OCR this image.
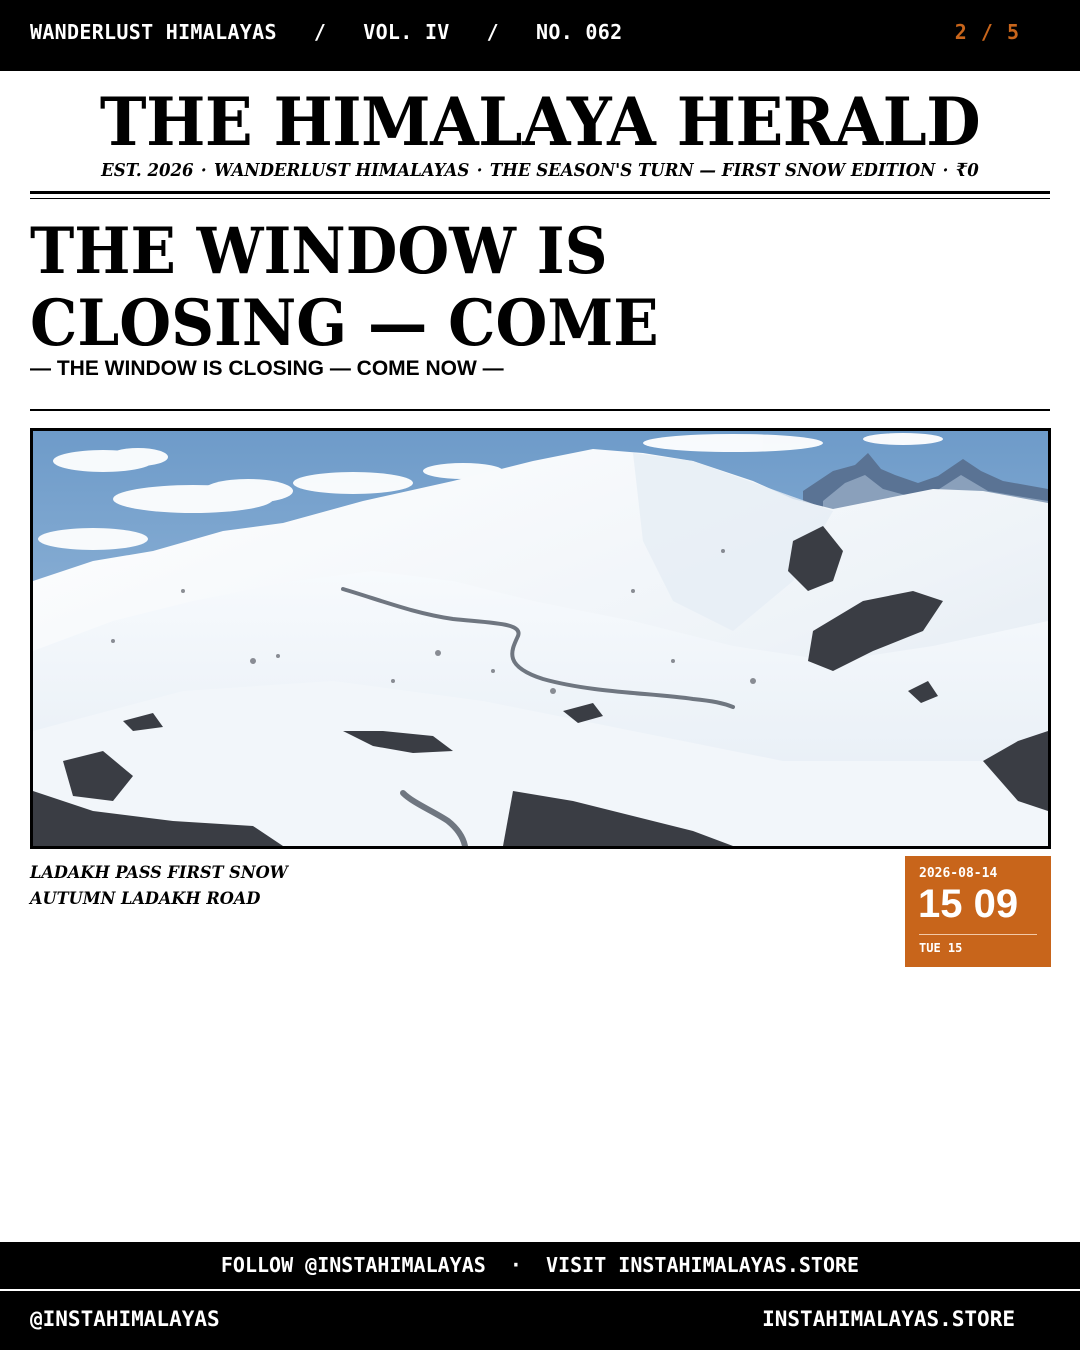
WANDERLUST HIMALAYAS / VOL. IV / NO. 062	2 / 5
THE HIMALAYA HERALD
EST. 2026 · WANDERLUST HIMALAYAS · THE SEASON'S TURN — FIRST SNOW EDITION · ₹0
THE WINDOW IS
CLOSING — COME
— THE WINDOW IS CLOSING — COME NOW —
LADAKH PASS FIRST SNOW
AUTUMN LADAKH ROAD
2026-08-14
15 09
TUE 15
FOLLOW @INSTAHIMALAYAS · VISIT INSTAHIMALAYAS.STORE
@INSTAHIMALAYAS	INSTAHIMALAYAS.STORE
